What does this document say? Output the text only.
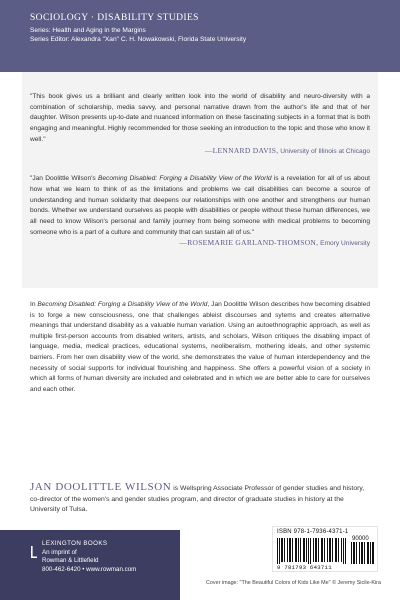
SOCIOLOGY · DISABILITY STUDIES
Series: Health and Aging in the Margins
Series Editor: Alexandra "Xan" C. H. Nowakowski, Florida State University

"This book gives us a brilliant and clearly written look into the world of disability and neuro-diversity with a combination of scholarship, media savvy, and personal narrative drawn from the author's life and that of her daughter. Wilson presents up-to-date and nuanced information on these fascinating subjects in a format that is both engaging and meaningful. Highly recommended for those seeking an introduction to the topic and those who know it well."
—LENNARD DAVIS, University of Illinois at Chicago

"Jan Doolittle Wilson's Becoming Disabled: Forging a Disability View of the World is a revelation for all of us about how what we learn to think of as the limitations and problems we call disabilities can become a source of understanding and human solidarity that deepens our relationships with one another and strengthens our human bonds. Whether we understand ourselves as people with disabilities or people without these human differences, we all need to know Wilson's personal and family journey from being someone with medical problems to becoming someone who is a part of a culture and community that can sustain all of us."
—ROSEMARIE GARLAND-THOMSON, Emory University

In Becoming Disabled: Forging a Disability View of the World, Jan Doolittle Wilson describes how becoming disabled is to forge a new consciousness, one that challenges ableist discourses and sytems and creates alternative meanings that understand disability as a valuable human variation. Using an autoethnographic approach, as well as multiple first-person accounts from disabled writers, artists, and scholars, Wilson critiques the disabling impact of language, media, medical practices, educational systems, neoliberalism, mothering ideals, and other systemic barriers. From her own disability view of the world, she demonstrates the value of human interdependency and the necessity of social supports for individual flourishing and happiness. She offers a powerful vision of a society in which all forms of human diversity are included and celebrated and in which we are better able to care for ourselves and each other.

JAN DOOLITTLE WILSON is Wellspring Associate Professor of gender studies and history, co-director of the women's and gender studies program, and director of graduate studies in history at the University of Tulsa.

LEXINGTON BOOKS
An imprint of
Rowman & Littlefield
800-462-6420 • www.rowman.com
ISBN 978-1-7936-4371-1
90000
9 781793 643711
Cover image: "The Beautiful Colors of Kids Like Me" © Jeremy Sicile-Kira
